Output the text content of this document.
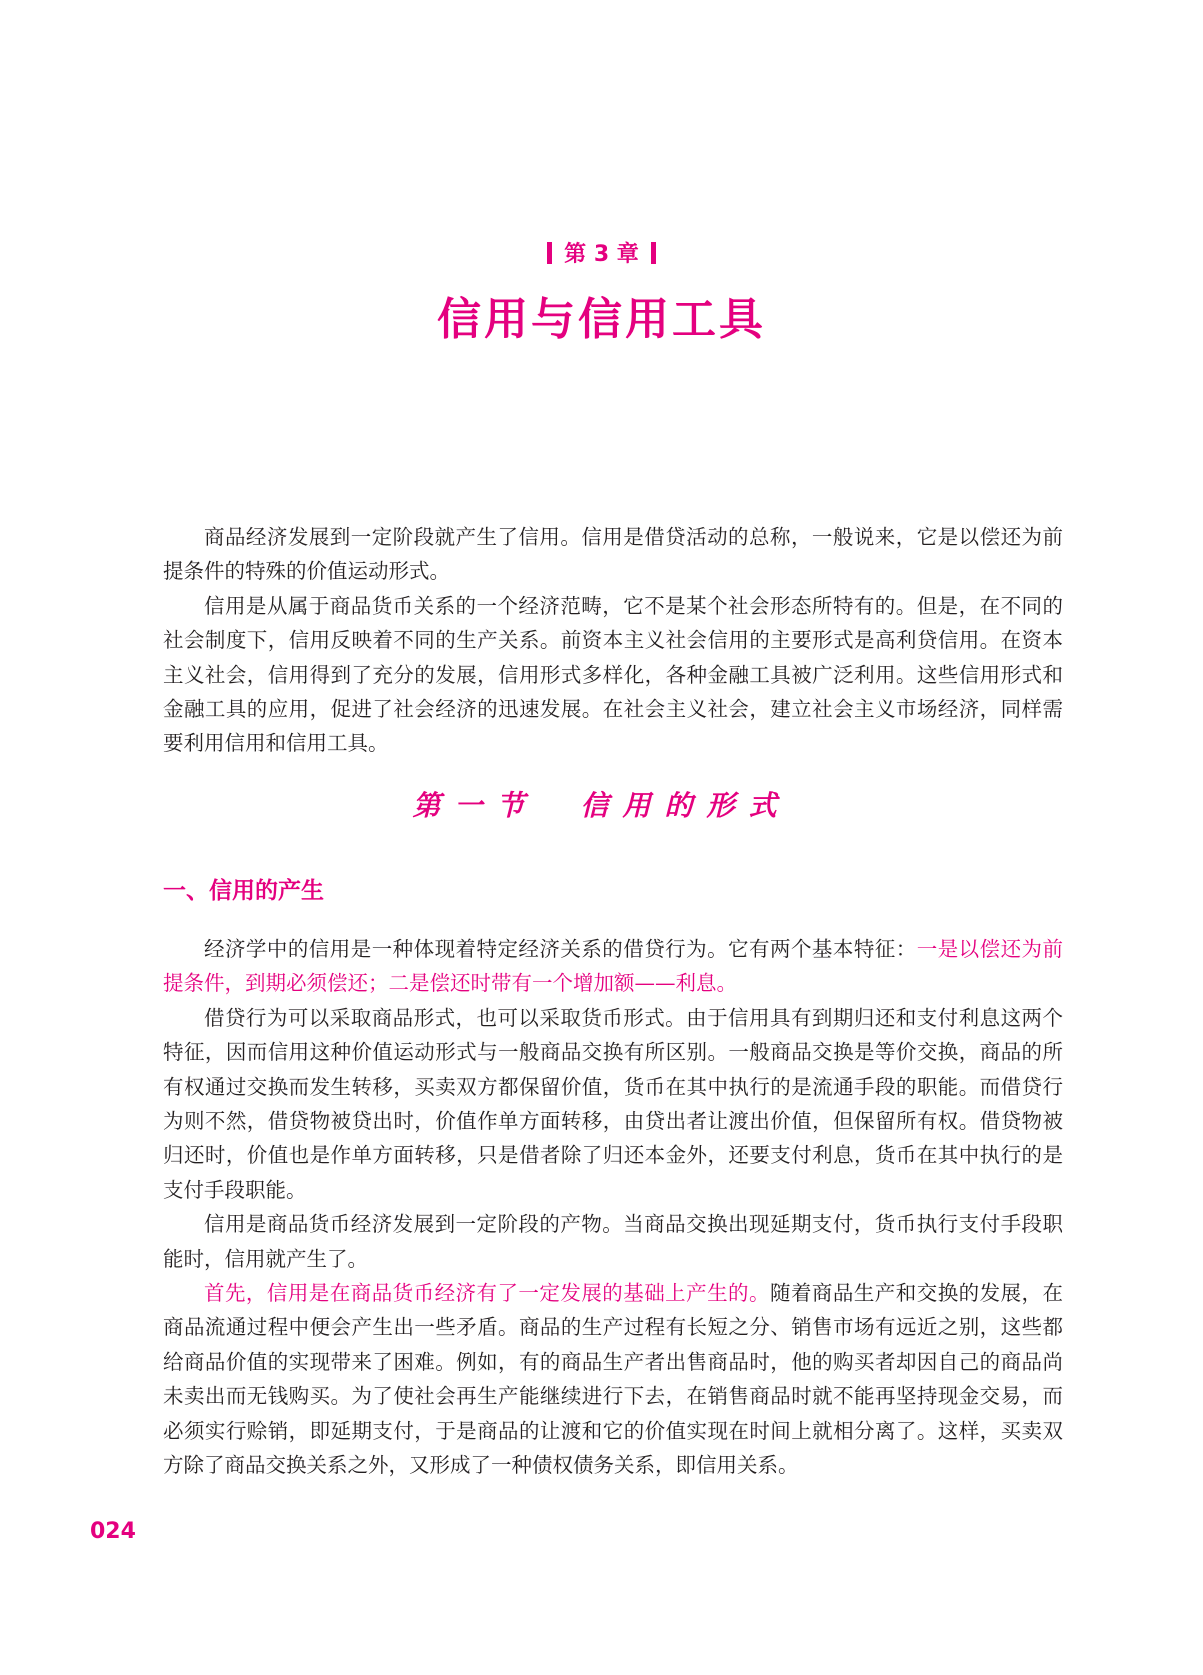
第 3 章
信用与信用工具

商品经济发展到一定阶段就产生了信用。信用是借贷活动的总称，一般说来，它是以偿还为前提条件的特殊的价值运动形式。

信用是从属于商品货币关系的一个经济范畴，它不是某个社会形态所特有的。但是，在不同的社会制度下，信用反映着不同的生产关系。前资本主义社会信用的主要形式是高利贷信用。在资本主义社会，信用得到了充分的发展，信用形式多样化，各种金融工具被广泛利用。这些信用形式和金融工具的应用，促进了社会经济的迅速发展。在社会主义社会，建立社会主义市场经济，同样需要利用信用和信用工具。

第一节　信用的形式
一、信用的产生

经济学中的信用是一种体现着特定经济关系的借贷行为。它有两个基本特征：一是以偿还为前提条件，到期必须偿还；二是偿还时带有一个增加额——利息。

借贷行为可以采取商品形式，也可以采取货币形式。由于信用具有到期归还和支付利息这两个特征，因而信用这种价值运动形式与一般商品交换有所区别。一般商品交换是等价交换，商品的所有权通过交换而发生转移，买卖双方都保留价值，货币在其中执行的是流通手段的职能。而借贷行为则不然，借贷物被贷出时，价值作单方面转移，由贷出者让渡出价值，但保留所有权。借贷物被归还时，价值也是作单方面转移，只是借者除了归还本金外，还要支付利息，货币在其中执行的是支付手段职能。

信用是商品货币经济发展到一定阶段的产物。当商品交换出现延期支付，货币执行支付手段职能时，信用就产生了。

首先，信用是在商品货币经济有了一定发展的基础上产生的。随着商品生产和交换的发展，在商品流通过程中便会产生出一些矛盾。商品的生产过程有长短之分、销售市场有远近之别，这些都给商品价值的实现带来了困难。例如，有的商品生产者出售商品时，他的购买者却因自己的商品尚未卖出而无钱购买。为了使社会再生产能继续进行下去，在销售商品时就不能再坚持现金交易，而必须实行赊销，即延期支付，于是商品的让渡和它的价值实现在时间上就相分离了。这样，买卖双方除了商品交换关系之外，又形成了一种债权债务关系，即信用关系。

024
